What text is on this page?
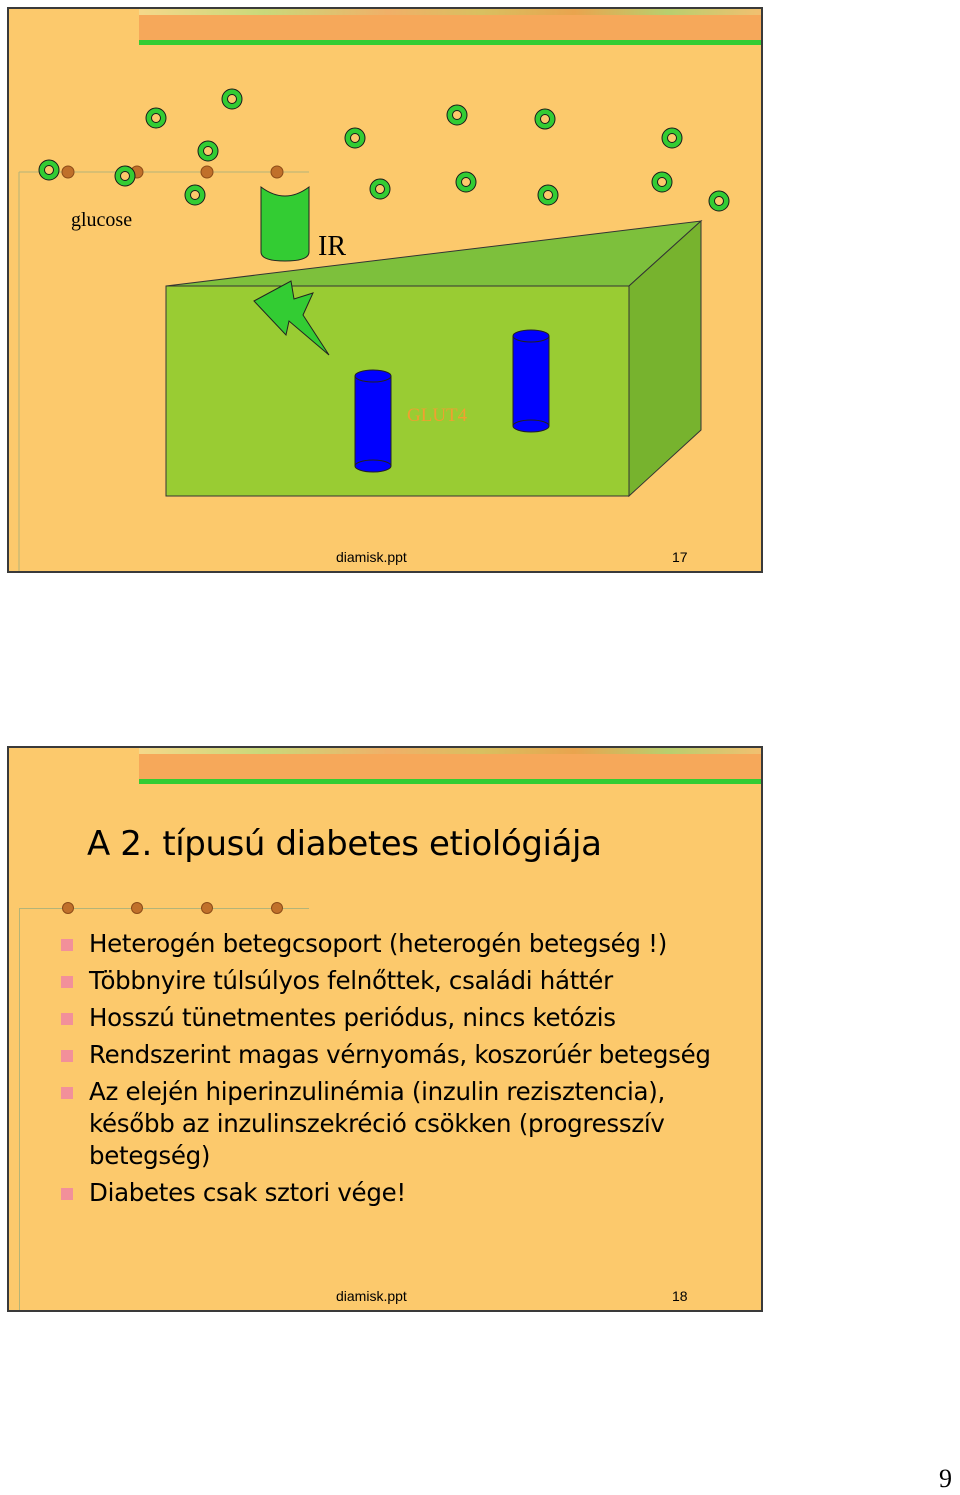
glucose
IR
GLUT4
diamisk.ppt	17
A 2. típusú diabetes etiológiája
Heterogén betegcsoport (heterogén betegség !)
Többnyire túlsúlyos felnőttek, családi háttér
Hosszú tünetmentes periódus, nincs ketózis
Rendszerint magas vérnyomás, koszorúér betegség
Az elején hiperinzulinémia (inzulin rezisztencia), később az inzulinszekréció csökken (progresszív betegség)
Diabetes csak sztori vége!
diamisk.ppt	18
9
